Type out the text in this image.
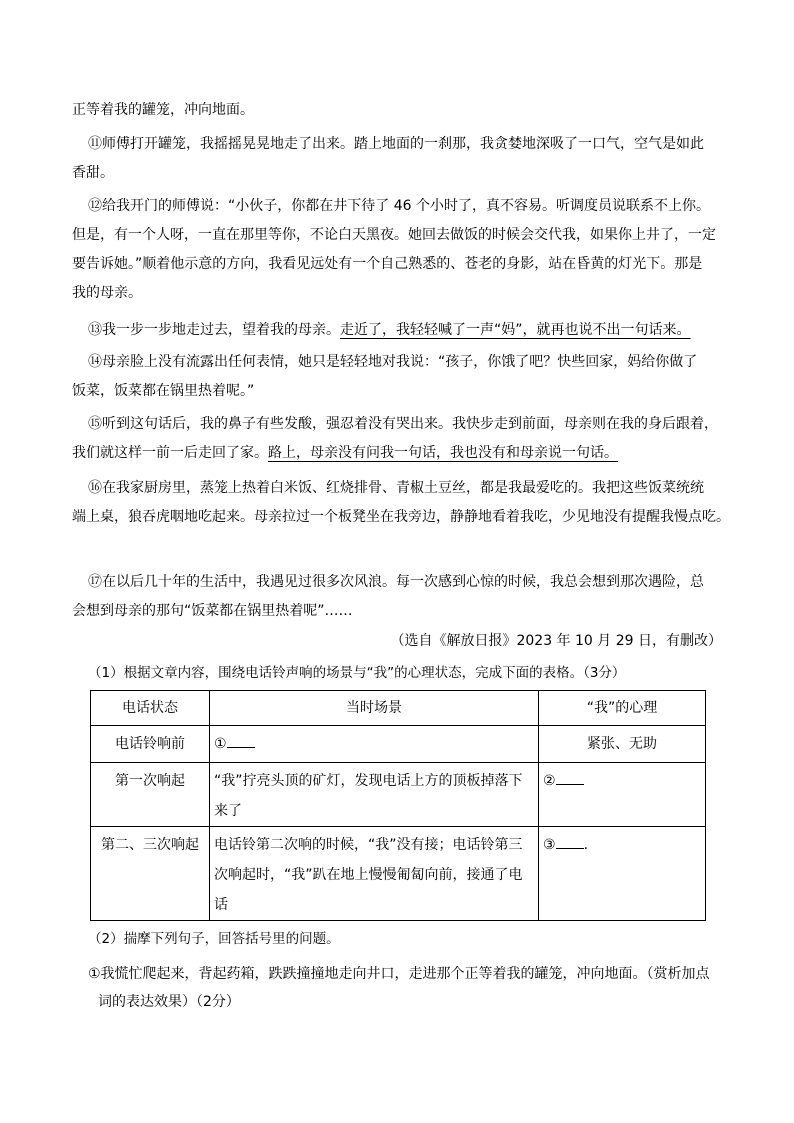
正等着我的罐笼，冲向地面。
⑪师傅打开罐笼，我摇摇晃晃地走了出来。踏上地面的一刹那，我贪婪地深吸了一口气，空气是如此
香甜。
⑫给我开门的师傅说：“小伙子，你都在井下待了 46 个小时了，真不容易。听调度员说联系不上你。
但是，有一个人呀，一直在那里等你，不论白天黑夜。她回去做饭的时候会交代我，如果你上井了，一定
要告诉她。”顺着他示意的方向，我看见远处有一个自己熟悉的、苍老的身影，站在昏黄的灯光下。那是
我的母亲。
⑬我一步一步地走过去，望着我的母亲。走近了，我轻轻喊了一声“妈”，就再也说不出一句话来。
⑭母亲脸上没有流露出任何表情，她只是轻轻地对我说：“孩子，你饿了吧？快些回家，妈给你做了
饭菜，饭菜都在锅里热着呢。”
⑮听到这句话后，我的鼻子有些发酸，强忍着没有哭出来。我快步走到前面，母亲则在我的身后跟着，
我们就这样一前一后走回了家。路上，母亲没有问我一句话，我也没有和母亲说一句话。
⑯在我家厨房里，蒸笼上热着白米饭、红烧排骨、青椒土豆丝，都是我最爱吃的。我把这些饭菜统统
端上桌，狼吞虎咽地吃起来。母亲拉过一个板凳坐在我旁边，静静地看着我吃，少见地没有提醒我慢点吃。
⑰在以后几十年的生活中，我遇见过很多次风浪。每一次感到心惊的时候，我总会想到那次遇险，总
会想到母亲的那句“饭菜都在锅里热着呢”……
（选自《解放日报》2023 年 10 月 29 日，有删改）
（1）根据文章内容，围绕电话铃声响的场景与“我”的心理状态，完成下面的表格。（3分）
电话状态	当时场景	“我”的心理
电话铃响前	①	紧张、无助
第一次响起	“我”拧亮头顶的矿灯，发现电话上方的顶板掉落下
来了	②
第二、三次响起	电话铃第二次响的时候，“我”没有接；电话铃第三
次响起时，“我”趴在地上慢慢匍匐向前，接通了电
话	③ .
（2）揣摩下列句子，回答括号里的问题。
①我慌忙爬起来，背起药箱，跌跌撞撞地走向井口，走进那个正等着我的罐笼，冲向地面。（赏析加点
词的表达效果）（2分）
